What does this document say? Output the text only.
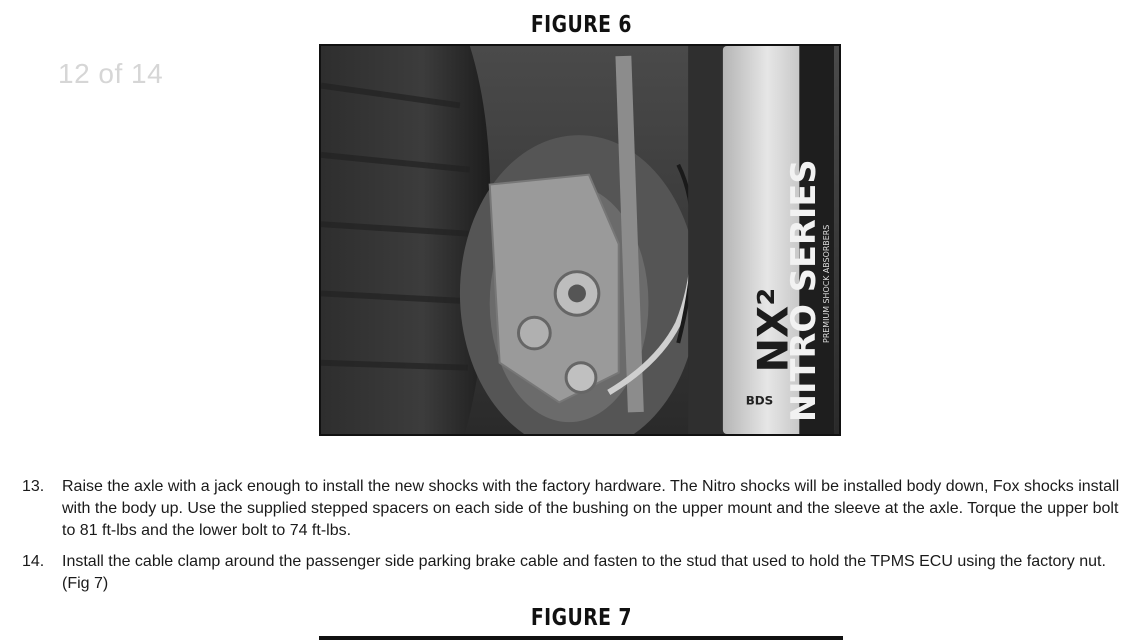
12 of 14
FIGURE 6
NITRO SERIES
PREMIUM SHOCK ABSORBERS
NX²
BDS
13. Raise the axle with a jack enough to install the new shocks with the factory hardware. The Nitro shocks will be installed body down, Fox shocks install with the body up. Use the supplied stepped spacers on each side of the bushing on the upper mount and the sleeve at the axle. Torque the upper bolt to 81 ft-lbs and the lower bolt to 74 ft-lbs.
14. Install the cable clamp around the passenger side parking brake cable and fasten to the stud that used to hold the TPMS ECU using the factory nut. (Fig 7)
FIGURE 7
